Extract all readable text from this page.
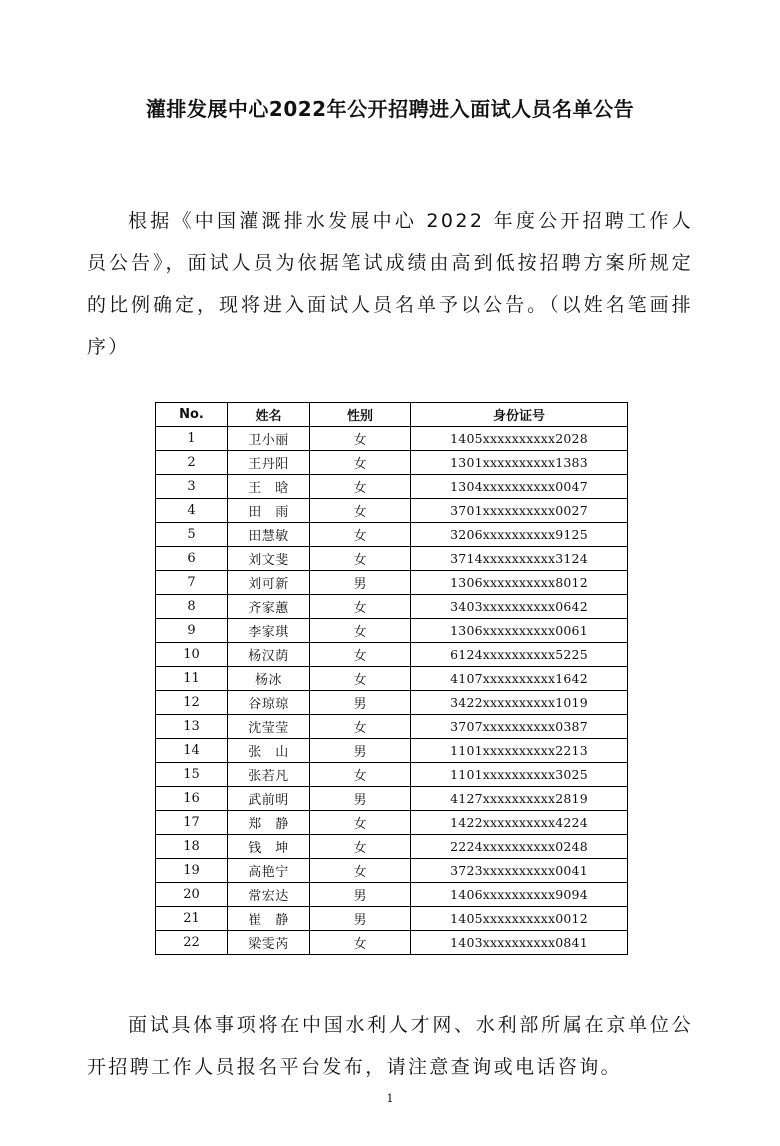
灌排发展中心2022年公开招聘进入面试人员名单公告

根据《中国灌溉排水发展中心 2022 年度公开招聘工作人员公告》，面试人员为依据笔试成绩由高到低按招聘方案所规定的比例确定，现将进入面试人员名单予以公告。（以姓名笔画排序）

No.	姓名	性别	身份证号
1	卫小丽	女	1405xxxxxxxxxx2028
2	王丹阳	女	1301xxxxxxxxxx1383
3	王　晗	女	1304xxxxxxxxxx0047
4	田　雨	女	3701xxxxxxxxxx0027
5	田慧敏	女	3206xxxxxxxxxx9125
6	刘文斐	女	3714xxxxxxxxxx3124
7	刘可新	男	1306xxxxxxxxxx8012
8	齐家蕙	女	3403xxxxxxxxxx0642
9	李家琪	女	1306xxxxxxxxxx0061
10	杨汉荫	女	6124xxxxxxxxxx5225
11	杨冰	女	4107xxxxxxxxxx1642
12	谷琼琼	男	3422xxxxxxxxxx1019
13	沈莹莹	女	3707xxxxxxxxxx0387
14	张　山	男	1101xxxxxxxxxx2213
15	张若凡	女	1101xxxxxxxxxx3025
16	武前明	男	4127xxxxxxxxxx2819
17	郑　静	女	1422xxxxxxxxxx4224
18	钱　坤	女	2224xxxxxxxxxx0248
19	高艳宁	女	3723xxxxxxxxxx0041
20	常宏达	男	1406xxxxxxxxxx9094
21	崔　静	男	1405xxxxxxxxxx0012
22	梁雯芮	女	1403xxxxxxxxxx0841

面试具体事项将在中国水利人才网、水利部所属在京单位公开招聘工作人员报名平台发布，请注意查询或电话咨询。

1
